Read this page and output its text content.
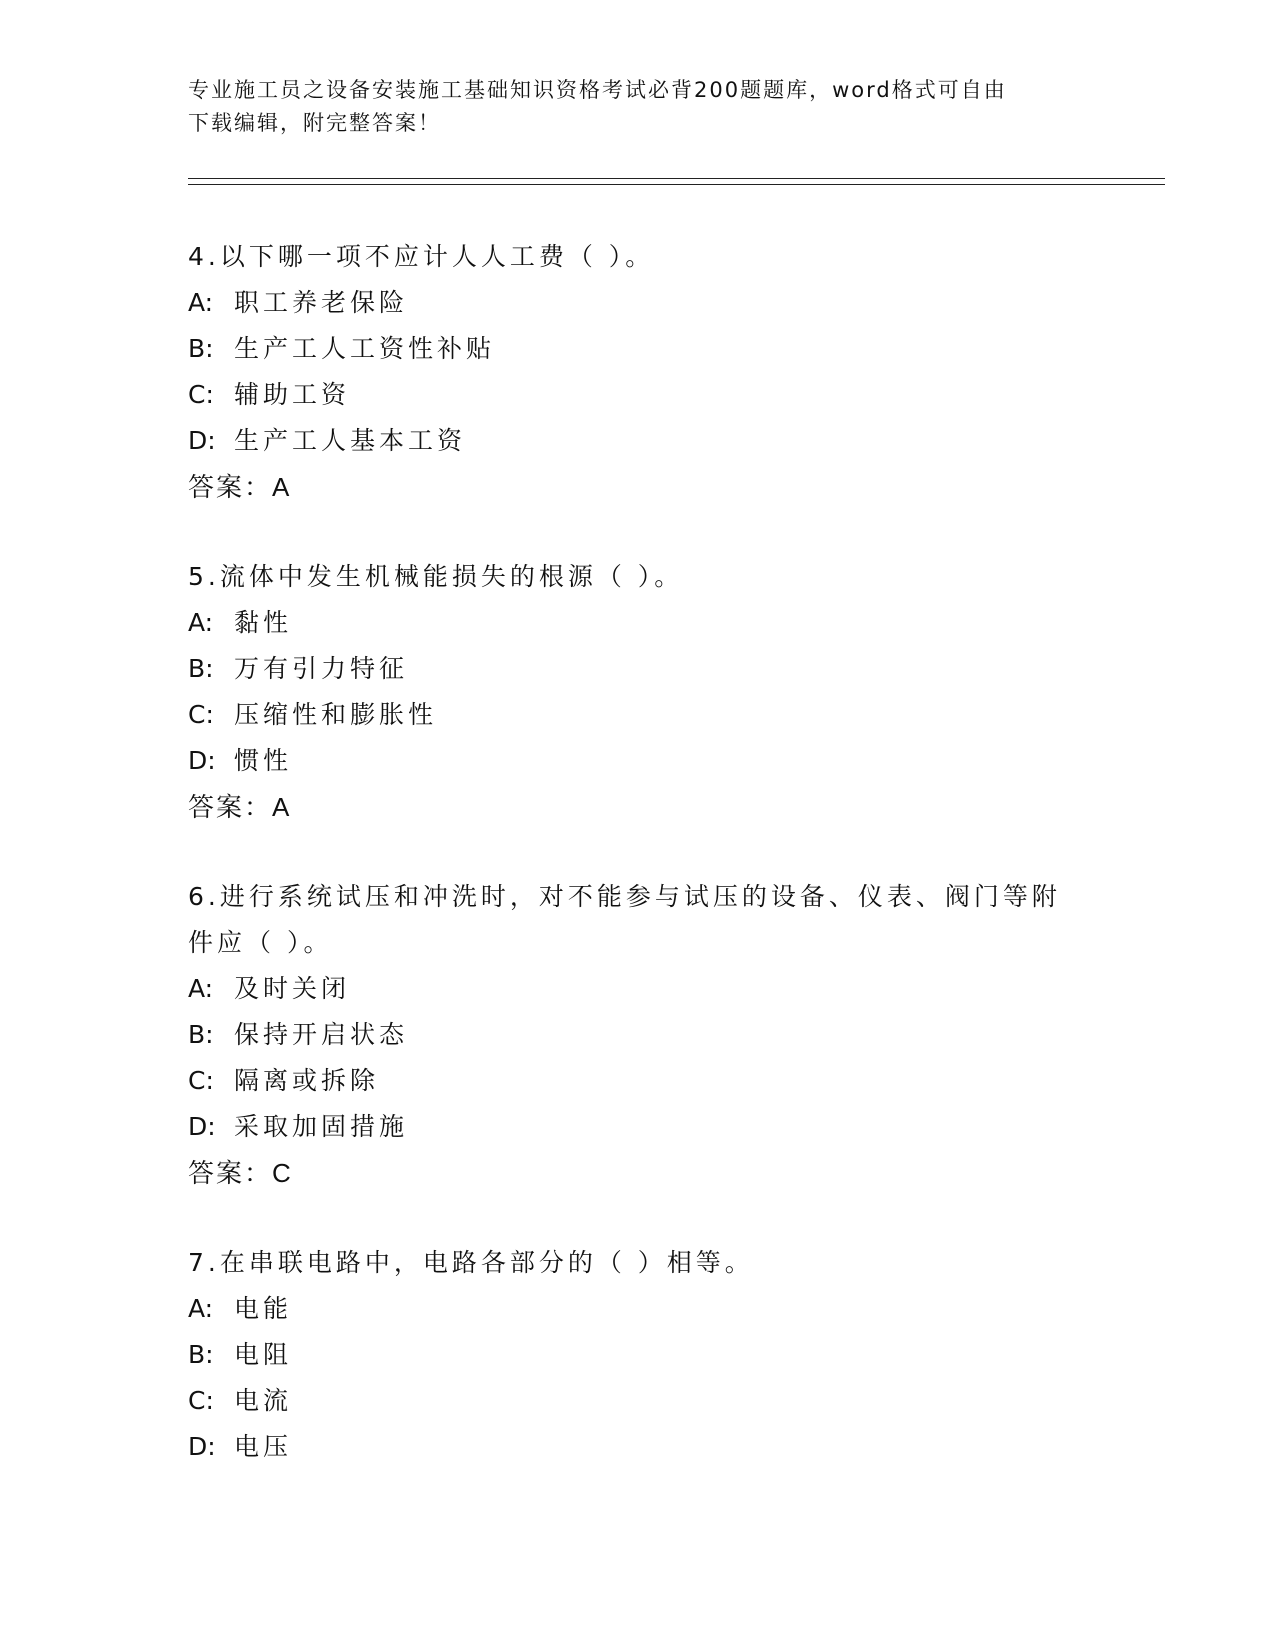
专业施工员之设备安装施工基础知识资格考试必背200题题库，word格式可自由
下载编辑，附完整答案！

4.以下哪一项不应计人人工费（ ）。

A: 职工养老保险

B: 生产工人工资性补贴

C: 辅助工资

D: 生产工人基本工资

答案：A

5.流体中发生机械能损失的根源（ ）。

A: 黏性

B: 万有引力特征

C: 压缩性和膨胀性

D: 惯性

答案：A

6.进行系统试压和冲洗时，对不能参与试压的设备、仪表、阀门等附

件应（ ）。

A: 及时关闭

B: 保持开启状态

C: 隔离或拆除

D: 采取加固措施

答案：C

7.在串联电路中，电路各部分的（ ）相等。

A: 电能

B: 电阻

C: 电流

D: 电压
